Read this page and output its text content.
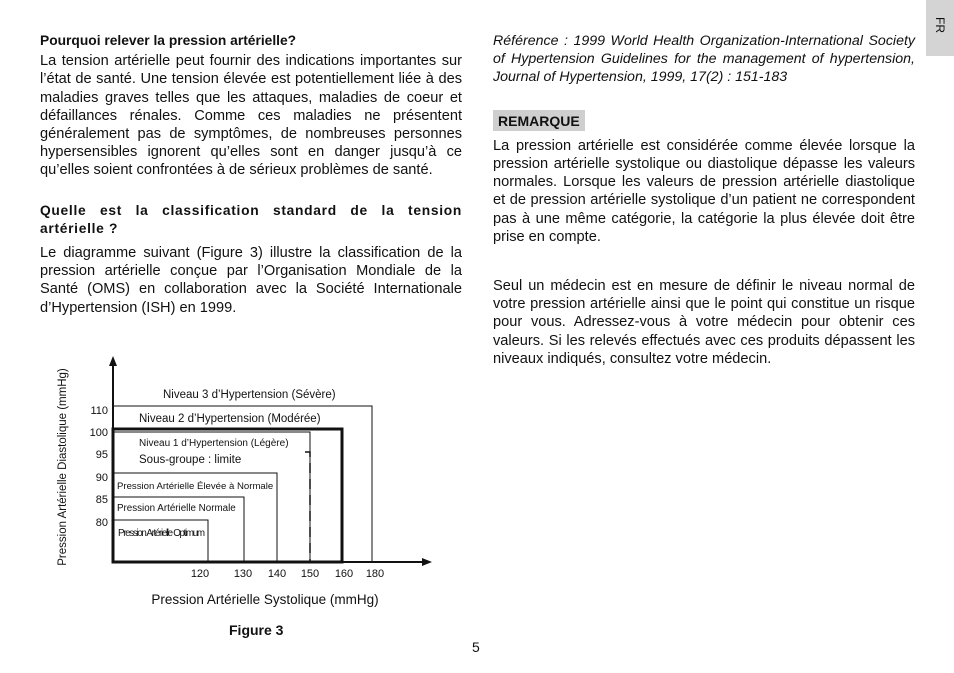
FR
Pourquoi relever la pression artérielle?

La tension artérielle peut fournir des indications importantes sur l’état de santé. Une tension élevée est potentiellement liée à des maladies graves telles que les attaques, maladies de coeur et défaillances rénales. Comme ces maladies ne présentent généralement pas de symptômes, de nombreuses personnes hypersensibles ignorent qu’elles sont en danger jusqu’à ce qu’elles soient confrontées à de sérieux problèmes de santé.

Quelle est la classification standard de la tension artérielle ?

Le diagramme suivant (Figure 3) illustre la classification de la pression artérielle conçue par l’Organisation Mondiale de la Santé (OMS) en collaboration avec la Société Internationale d’Hypertension (ISH) en 1999.

Référence : 1999 World Health Organization-International Society of Hypertension Guidelines for the management of hypertension, Journal of Hypertension, 1999, 17(2) : 151-183
REMARQUE

La pression artérielle est considérée comme élevée lorsque la pression artérielle systolique ou diastolique dépasse les valeurs normales. Lorsque les valeurs de pression artérielle diastolique et de pression artérielle systolique d’un patient ne correspondent pas à une même catégorie, la catégorie la plus élevée doit être prise en compte.

Seul un médecin est en mesure de définir le niveau normal de votre pression artérielle ainsi que le point qui constitue un risque pour vous. Adressez-vous à votre médecin pour obtenir ces valeurs. Si les relevés effectués avec ces produits dépassent les niveaux indiqués, consultez votre médecin.

Niveau 3 d’Hypertension (Sévère)
Niveau 2 d’Hypertension (Modérée)
Niveau 1 d’Hypertension (Légère)
Sous-groupe : limite
Pression Artérielle Élevée à Normale
Pression Artérielle Normale
Pression Artérielle Optimum
110
100
95
90
85
80
120 130 140 150 160 180
Pression Artérielle Systolique (mmHg)
Pression Artérielle Diastolique (mmHg)
Figure 3
5
